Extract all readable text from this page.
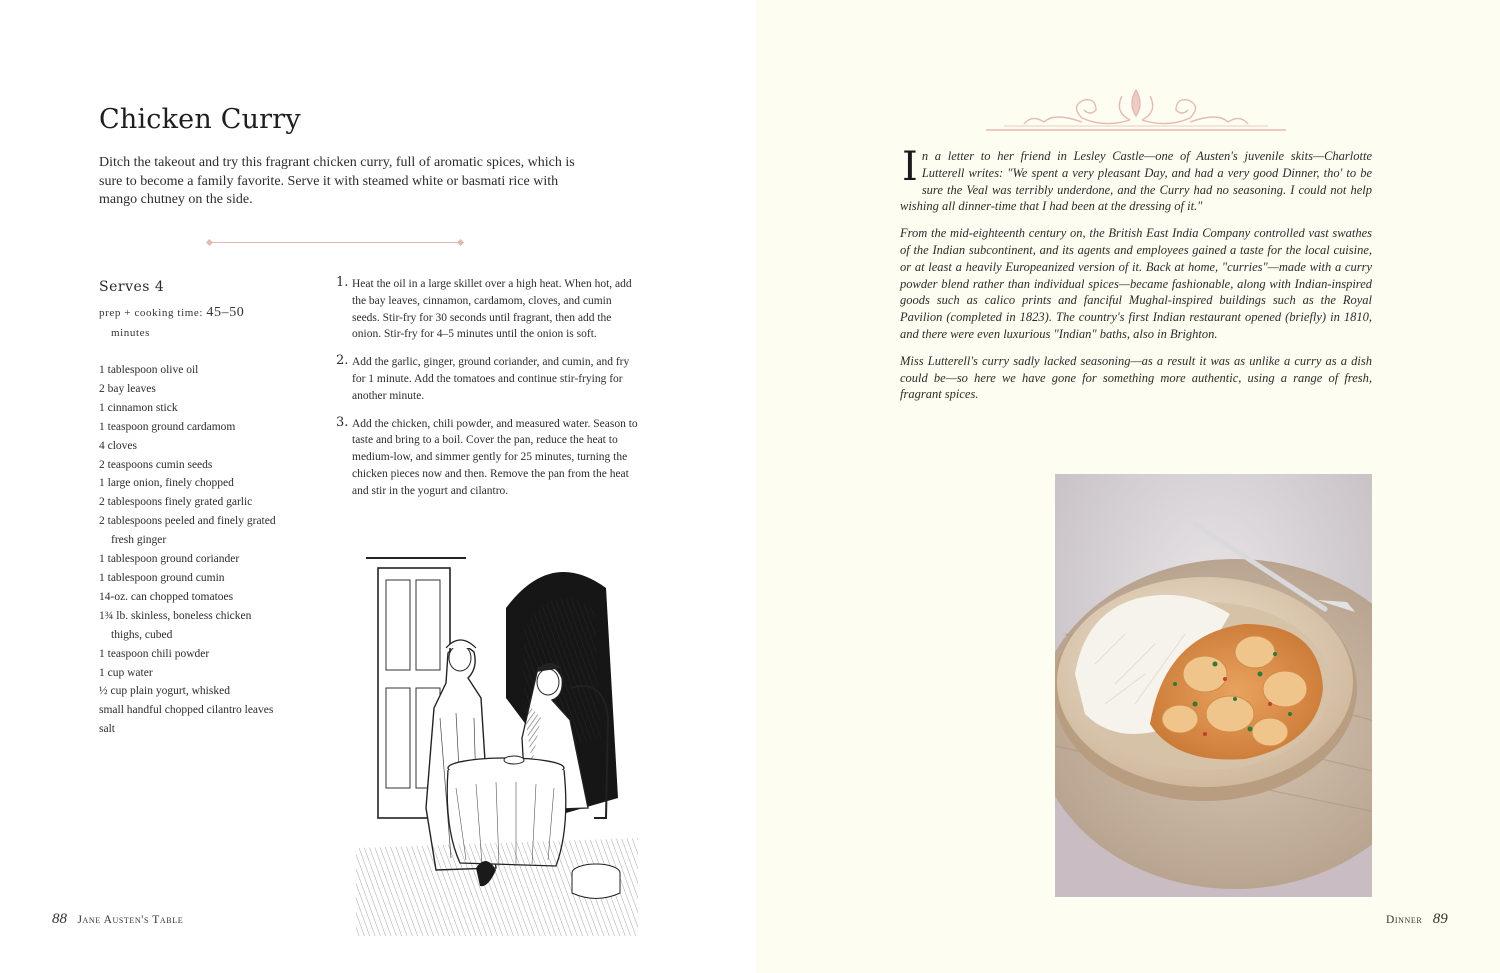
Chicken Curry

Ditch the takeout and try this fragrant chicken curry, full of aromatic spices, which is sure to become a family favorite. Serve it with steamed white or basmati rice with mango chutney on the side.

Serves 4
prep + cooking time: 45–50
minutes
1 tablespoon olive oil
2 bay leaves
1 cinnamon stick
1 teaspoon ground cardamom
4 cloves
2 teaspoons cumin seeds
1 large onion, finely chopped
2 tablespoons finely grated garlic
2 tablespoons peeled and finely grated
fresh ginger
1 tablespoon ground coriander
1 tablespoon ground cumin
14-oz. can chopped tomatoes
1¾ lb. skinless, boneless chicken
thighs, cubed
1 teaspoon chili powder
1 cup water
½ cup plain yogurt, whisked
small handful chopped cilantro leaves
salt
1. Heat the oil in a large skillet over a high heat. When hot, add the bay leaves, cinnamon, cardamom, cloves, and cumin seeds. Stir-fry for 30 seconds until fragrant, then add the onion. Stir-fry for 4–5 minutes until the onion is soft.
2. Add the garlic, ginger, ground coriander, and cumin, and fry for 1 minute. Add the tomatoes and continue stir-frying for another minute.
3. Add the chicken, chili powder, and measured water. Season to taste and bring to a boil. Cover the pan, reduce the heat to medium-low, and simmer gently for 25 minutes, turning the chicken pieces now and then. Remove the pan from the heat and stir in the yogurt and cilantro.
88 Jane Austen's Table

In a letter to her friend in Lesley Castle—one of Austen's juvenile skits—Charlotte Lutterell writes: "We spent a very pleasant Day, and had a very good Dinner, tho' to be sure the Veal was terribly underdone, and the Curry had no seasoning. I could not help wishing all dinner-time that I had been at the dressing of it."

From the mid-eighteenth century on, the British East India Company controlled vast swathes of the Indian subcontinent, and its agents and employees gained a taste for the local cuisine, or at least a heavily Europeanized version of it. Back at home, "curries"—made with a curry powder blend rather than individual spices—became fashionable, along with Indian-inspired goods such as calico prints and fanciful Mughal-inspired buildings such as the Royal Pavilion (completed in 1823). The country's first Indian restaurant opened (briefly) in 1810, and there were even luxurious "Indian" baths, also in Brighton.

Miss Lutterell's curry sadly lacked seasoning—as a result it was as unlike a curry as a dish could be—so here we have gone for something more authentic, using a range of fresh, fragrant spices.

Dinner 89
